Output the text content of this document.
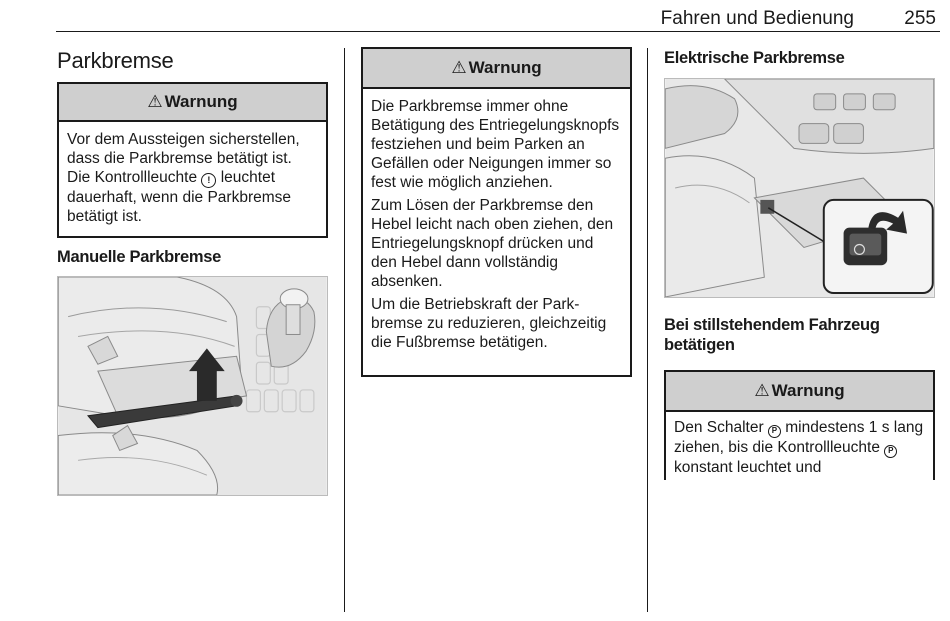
Fahren und Bedienung	255
Parkbremse
⚠ Warnung
Vor dem Aussteigen sicherstellen, dass die Parkbremse betätigt ist. Die Kontrollleuchte ! leuchtet dauerhaft, wenn die Parkbremse betätigt ist.
Manuelle Parkbremse
⚠ Warnung

Die Parkbremse immer ohne Betätigung des Entriegelungsknopfs festziehen und beim Parken an Gefällen oder Neigungen immer so fest wie möglich anziehen.

Zum Lösen der Parkbremse den Hebel leicht nach oben ziehen, den Entriegelungsknopf drücken und den Hebel dann vollständig absenken.

Um die Betriebskraft der Parkbremse zu reduzieren, gleichzeitig die Fußbremse betätigen.

Elektrische Parkbremse
Bei stillstehendem Fahrzeug betätigen
⚠ Warnung
Den Schalter P mindestens 1 s lang ziehen, bis die Kontrollleuchte P konstant leuchtet und
